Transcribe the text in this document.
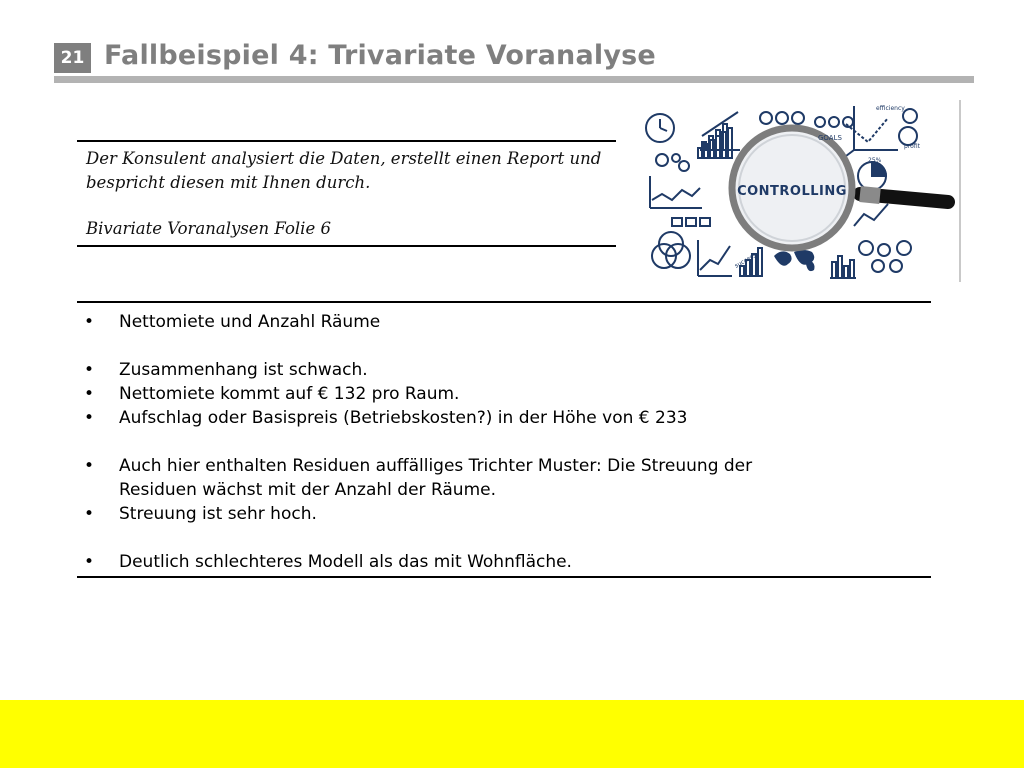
21 Fallbeispiel 4: Trivariate Voranalyse

Der Konsulent analysiert die Daten, erstellt einen Report und

bespricht diesen mit Ihnen durch.

Bivariate Voranalysen Folie 6

CONTROLLING
GOALS
efficiency
profit
25%
success
• Nettomiete und Anzahl Räume
• Zusammenhang ist schwach.
• Nettomiete kommt auf € 132 pro Raum.
• Aufschlag oder Basispreis (Betriebskosten?) in der Höhe von € 233
• Auch hier enthalten Residuen auffälliges Trichter Muster: Die Streuung der
Residuen wächst mit der Anzahl der Räume.
• Streuung ist sehr hoch.
• Deutlich schlechteres Modell als das mit Wohnfläche.
